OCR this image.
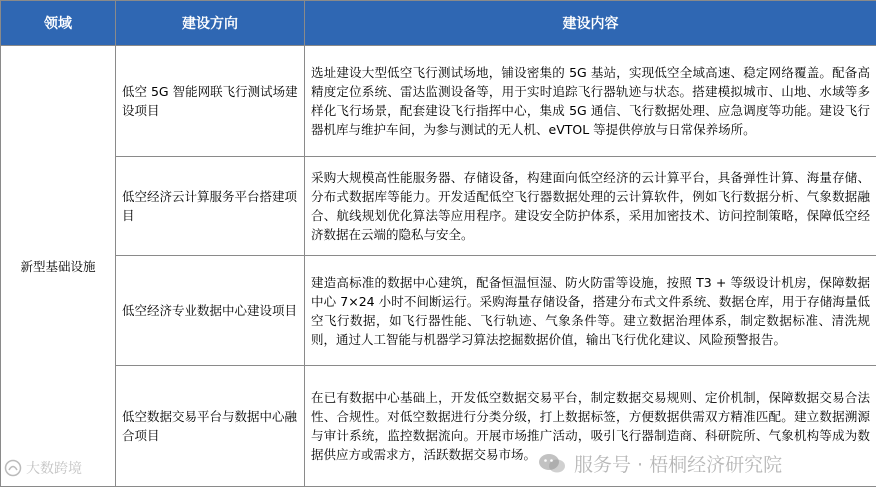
领域	建设方向	建设内容
新型基础设施	低空 5G 智能网联飞行测试场建设项目	选址建设大型低空飞行测试场地，铺设密集的 5G 基站，实现低空全域高速、稳定网络覆盖。配备高精度定位系统、雷达监测设备等，用于实时追踪飞行器轨迹与状态。搭建模拟城市、山地、水域等多样化飞行场景，配套建设飞行指挥中心，集成 5G 通信、飞行数据处理、应急调度等功能。建设飞行器机库与维护车间，为参与测试的无人机、eVTOL 等提供停放与日常保养场所。
	低空经济云计算服务平台搭建项目	采购大规模高性能服务器、存储设备，构建面向低空经济的云计算平台，具备弹性计算、海量存储、分布式数据库等能力。开发适配低空飞行器数据处理的云计算软件，例如飞行数据分析、气象数据融合、航线规划优化算法等应用程序。建设安全防护体系，采用加密技术、访问控制策略，保障低空经济数据在云端的隐私与安全。
	低空经济专业数据中心建设项目	建造高标准的数据中心建筑，配备恒温恒湿、防火防雷等设施，按照 T3 + 等级设计机房，保障数据中心 7×24 小时不间断运行。采购海量存储设备，搭建分布式文件系统、数据仓库，用于存储海量低空飞行数据，如飞行器性能、飞行轨迹、气象条件等。建立数据治理体系，制定数据标准、清洗规则，通过人工智能与机器学习算法挖掘数据价值，输出飞行优化建议、风险预警报告。
	低空数据交易平台与数据中心融合项目	在已有数据中心基础上，开发低空数据交易平台，制定数据交易规则、定价机制，保障数据交易合法性、合规性。对低空数据进行分类分级，打上数据标签，方便数据供需双方精准匹配。建立数据溯源与审计系统，监控数据流向。开展市场推广活动，吸引飞行器制造商、科研院所、气象机构等成为数据供应方或需求方，活跃数据交易市场。
大数跨境	服务号 · 梧桐经济研究院
